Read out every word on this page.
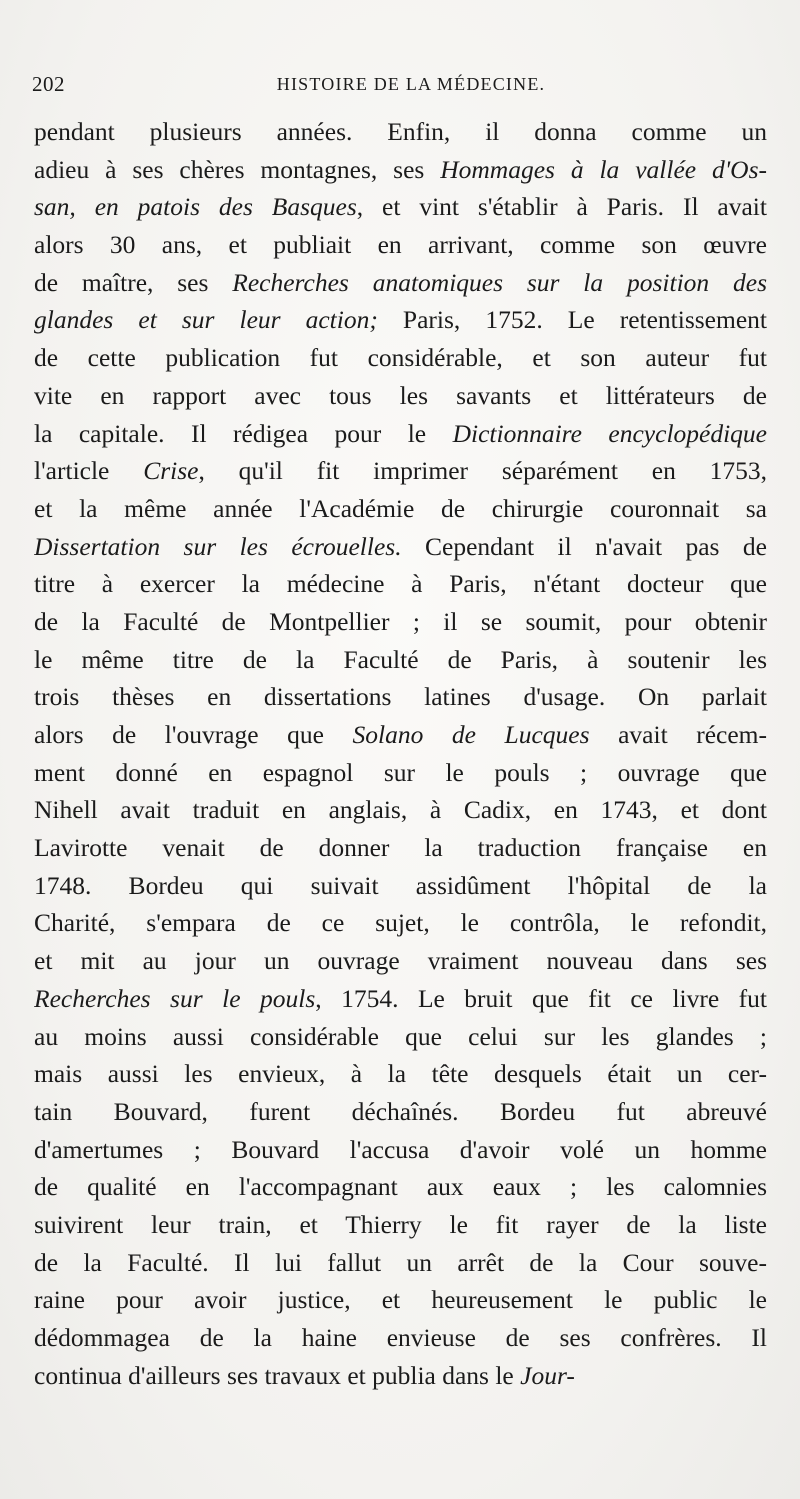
202	HISTOIRE DE LA MÉDECINE.
pendant plusieurs années. Enfin, il donna comme un
adieu à ses chères montagnes, ses Hommages à la vallée d'Os-
san, en patois des Basques, et vint s'établir à Paris. Il avait
alors 30 ans, et publiait en arrivant, comme son œuvre
de maître, ses Recherches anatomiques sur la position des
glandes et sur leur action; Paris, 1752. Le retentissement
de cette publication fut considérable, et son auteur fut
vite en rapport avec tous les savants et littérateurs de
la capitale. Il rédigea pour le Dictionnaire encyclopédique
l'article Crise, qu'il fit imprimer séparément en 1753,
et la même année l'Académie de chirurgie couronnait sa
Dissertation sur les écrouelles. Cependant il n'avait pas de
titre à exercer la médecine à Paris, n'étant docteur que
de la Faculté de Montpellier ; il se soumit, pour obtenir
le même titre de la Faculté de Paris, à soutenir les
trois thèses en dissertations latines d'usage. On parlait
alors de l'ouvrage que Solano de Lucques avait récem-
ment donné en espagnol sur le pouls ; ouvrage que
Nihell avait traduit en anglais, à Cadix, en 1743, et dont
Lavirotte venait de donner la traduction française en
1748. Bordeu qui suivait assidûment l'hôpital de la
Charité, s'empara de ce sujet, le contrôla, le refondit,
et mit au jour un ouvrage vraiment nouveau dans ses
Recherches sur le pouls, 1754. Le bruit que fit ce livre fut
au moins aussi considérable que celui sur les glandes ;
mais aussi les envieux, à la tête desquels était un cer-
tain Bouvard, furent déchaînés. Bordeu fut abreuvé
d'amertumes ; Bouvard l'accusa d'avoir volé un homme
de qualité en l'accompagnant aux eaux ; les calomnies
suivirent leur train, et Thierry le fit rayer de la liste
de la Faculté. Il lui fallut un arrêt de la Cour souve-
raine pour avoir justice, et heureusement le public le
dédommagea de la haine envieuse de ses confrères. Il
continua d'ailleurs ses travaux et publia dans le Jour-
